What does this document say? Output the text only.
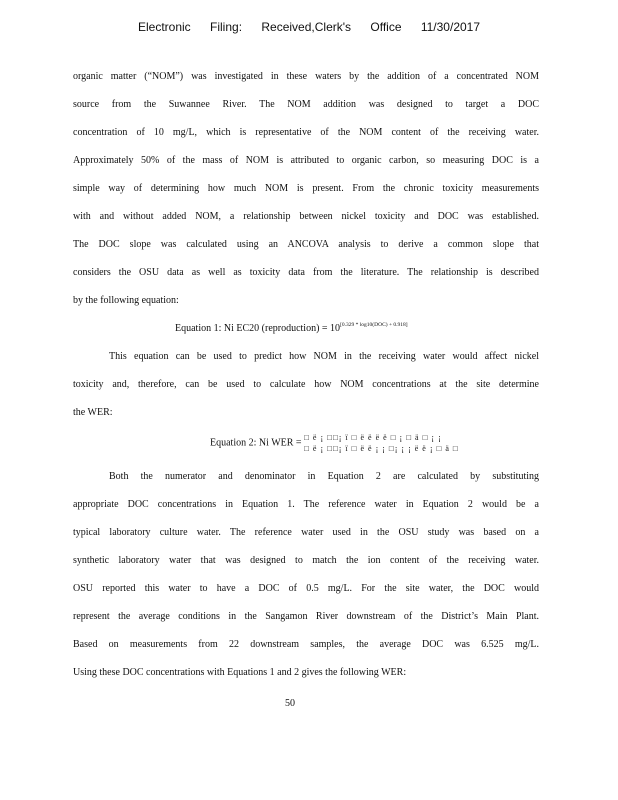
Electronic Filing: Received,Clerk's Office 11/30/2017
organic matter (“NOM”) was investigated in these waters by the addition of a concentrated NOM
source from the Suwannee River. The NOM addition was designed to target a DOC
concentration of 10 mg/L, which is representative of the NOM content of the receiving water.
Approximately 50% of the mass of NOM is attributed to organic carbon, so measuring DOC is a
simple way of determining how much NOM is present. From the chronic toxicity measurements
with and without added NOM, a relationship between nickel toxicity and DOC was established.
The DOC slope was calculated using an ANCOVA analysis to derive a common slope that
considers the OSU data as well as toxicity data from the literature. The relationship is described
by the following equation:
Equation 1: Ni EC20 (reproduction) = 10[0.329 * log10(DOC) + 0.918]
This equation can be used to predict how NOM in the receiving water would affect nickel
toxicity and, therefore, can be used to calculate how NOM concentrations at the site determine
the WER:
Equation 2: Ni WER = □ ë ¡ □□¡ ï □ ë ë ë ë □ ¡ □ ä □ ¡ ¡
□ ë ¡ □□¡ ï □ ë ë ¡ ¡ □¡ ¡ ¡ ë ë ¡ □ ä □
Both the numerator and denominator in Equation 2 are calculated by substituting
appropriate DOC concentrations in Equation 1. The reference water in Equation 2 would be a
typical laboratory culture water. The reference water used in the OSU study was based on a
synthetic laboratory water that was designed to match the ion content of the receiving water.
OSU reported this water to have a DOC of 0.5 mg/L. For the site water, the DOC would
represent the average conditions in the Sangamon River downstream of the District’s Main Plant.
Based on measurements from 22 downstream samples, the average DOC was 6.525 mg/L.
Using these DOC concentrations with Equations 1 and 2 gives the following WER:
50
